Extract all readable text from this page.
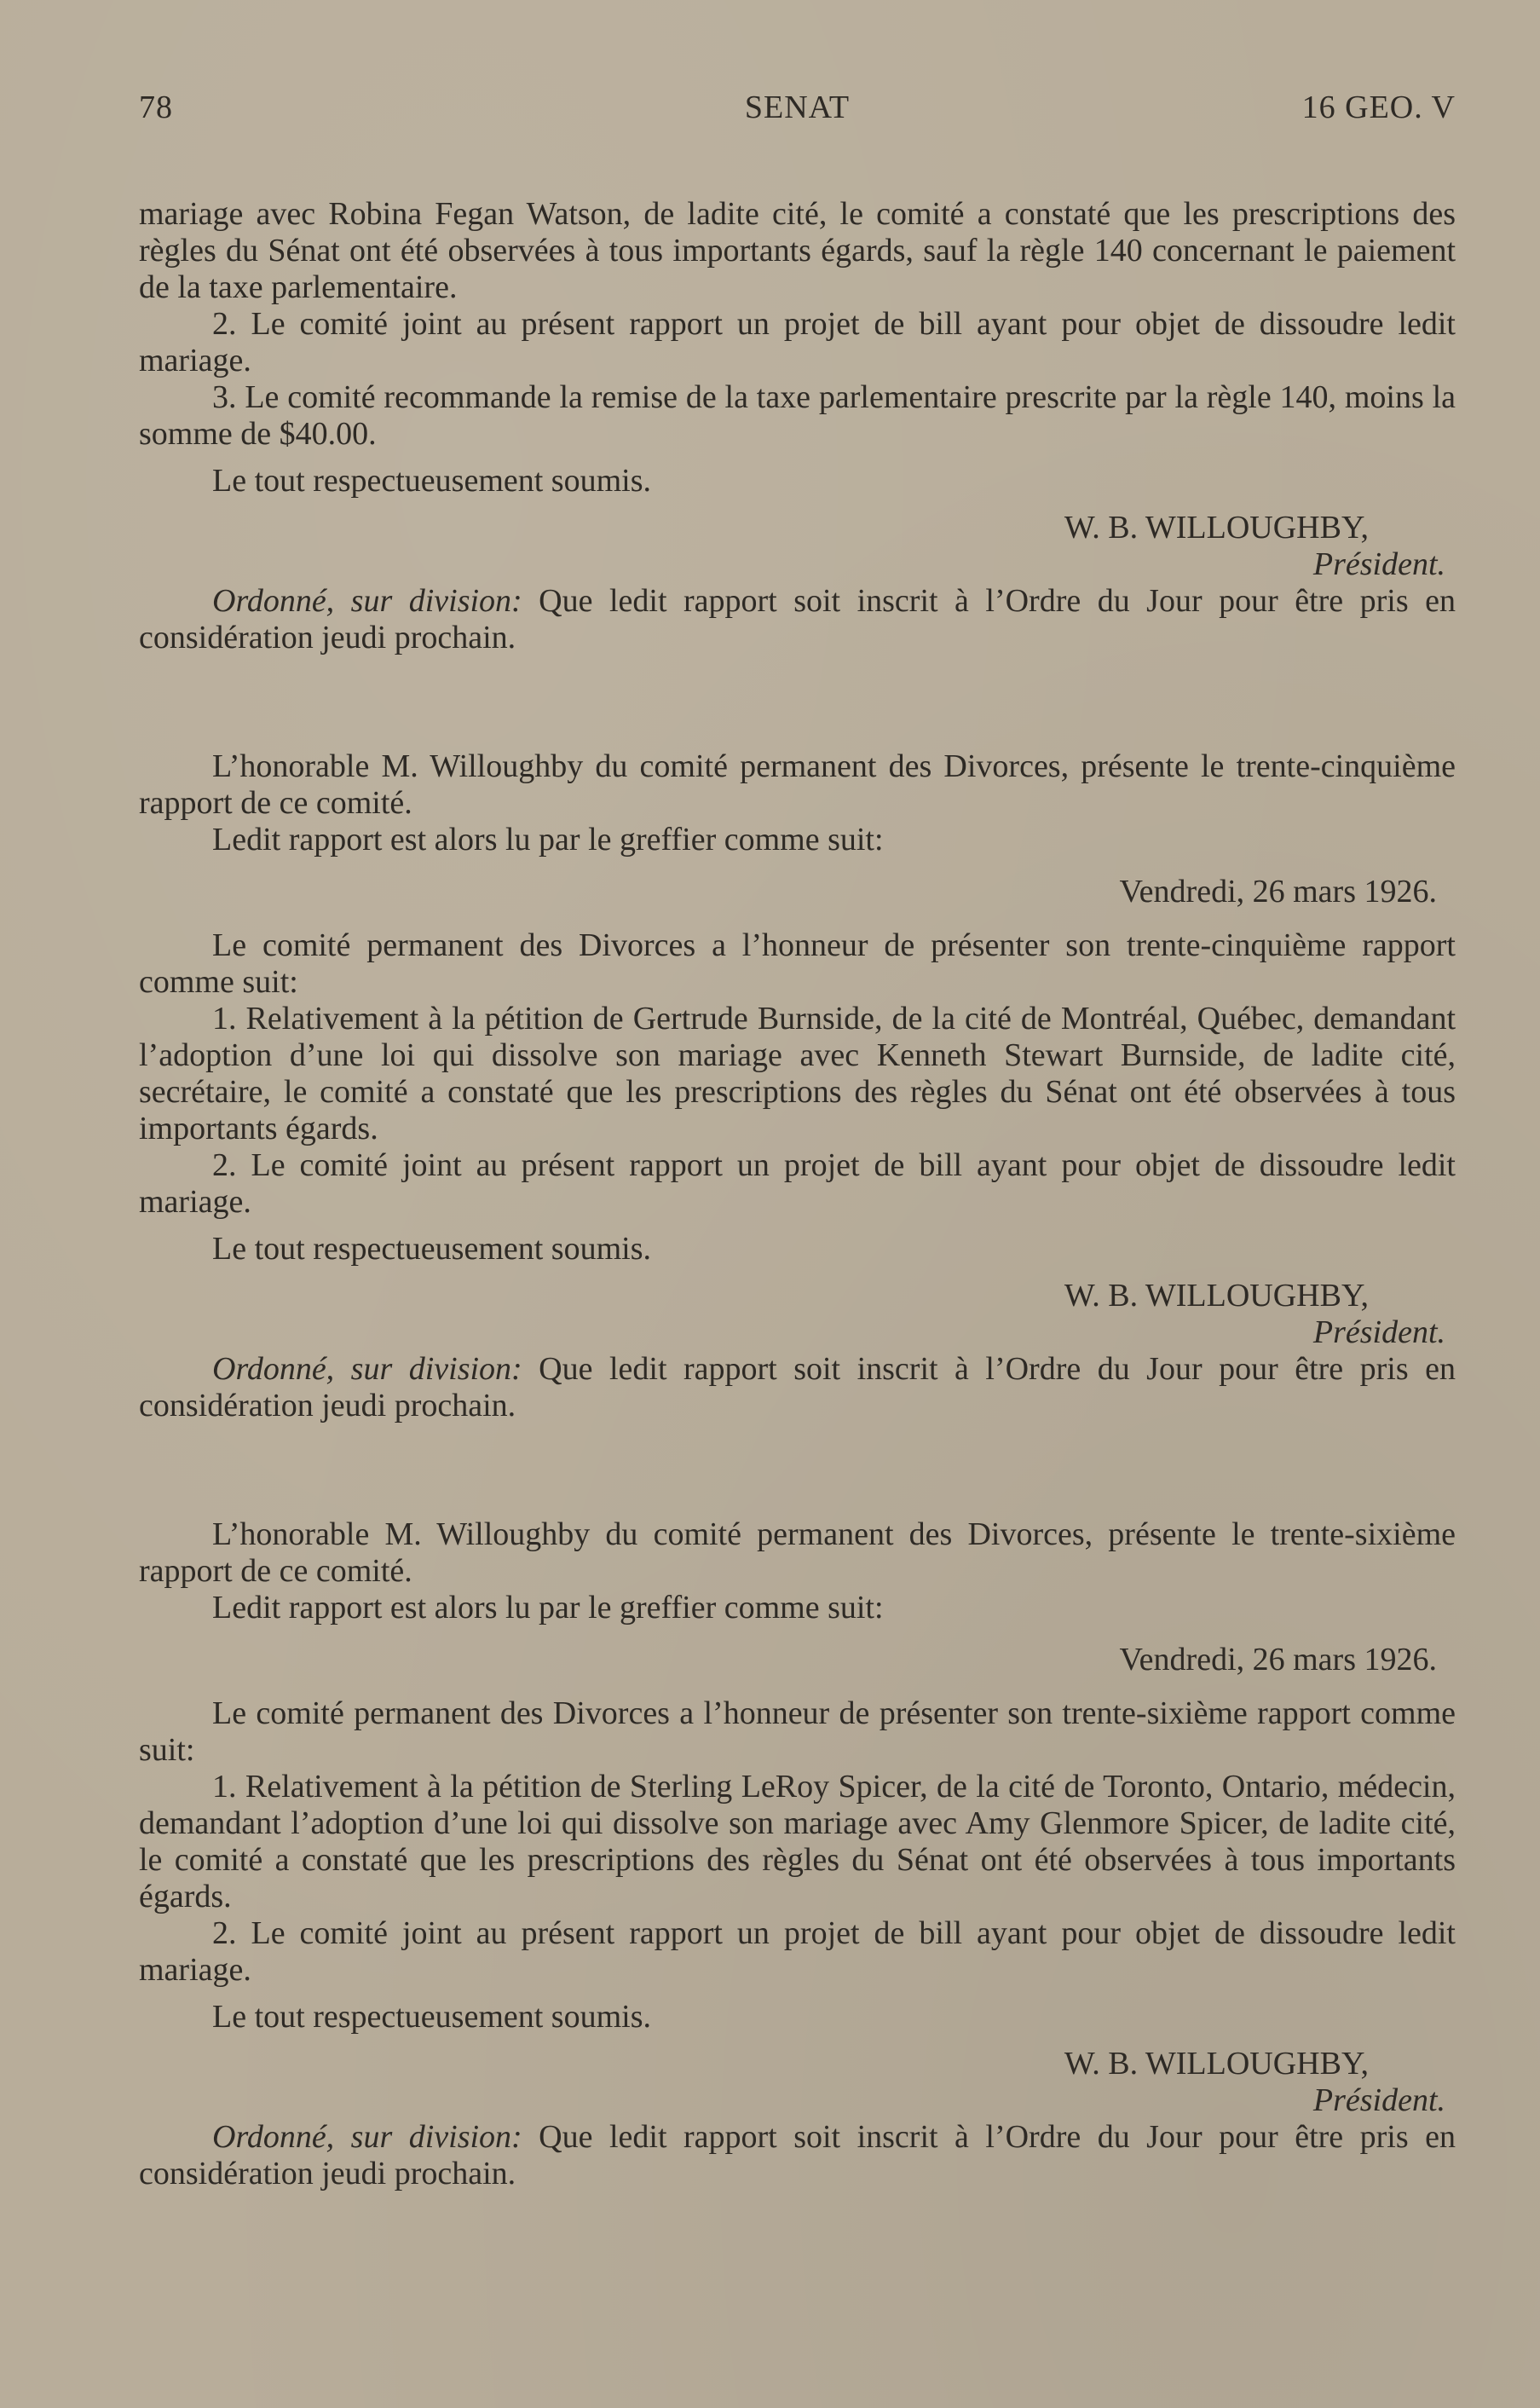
78	SENAT	16 GEO. V

mariage avec Robina Fegan Watson, de ladite cité, le comité a constaté que les prescriptions des règles du Sénat ont été observées à tous importants égards, sauf la règle 140 concernant le paiement de la taxe parlementaire.

2. Le comité joint au présent rapport un projet de bill ayant pour objet de dissoudre ledit mariage.

3. Le comité recommande la remise de la taxe parlementaire prescrite par la règle 140, moins la somme de $40.00.

Le tout respectueusement soumis.

W. B. WILLOUGHBY,

Président.

Ordonné, sur division: Que ledit rapport soit inscrit à l’Ordre du Jour pour être pris en considération jeudi prochain.

L’honorable M. Willoughby du comité permanent des Divorces, présente le trente-cinquième rapport de ce comité.

Ledit rapport est alors lu par le greffier comme suit:

Vendredi, 26 mars 1926.

Le comité permanent des Divorces a l’honneur de présenter son trente-cinquième rapport comme suit:

1. Relativement à la pétition de Gertrude Burnside, de la cité de Montréal, Québec, demandant l’adoption d’une loi qui dissolve son mariage avec Kenneth Stewart Burnside, de ladite cité, secrétaire, le comité a constaté que les prescriptions des règles du Sénat ont été observées à tous importants égards.

2. Le comité joint au présent rapport un projet de bill ayant pour objet de dissoudre ledit mariage.

Le tout respectueusement soumis.

W. B. WILLOUGHBY,

Président.

Ordonné, sur division: Que ledit rapport soit inscrit à l’Ordre du Jour pour être pris en considération jeudi prochain.

L’honorable M. Willoughby du comité permanent des Divorces, présente le trente-sixième rapport de ce comité.

Ledit rapport est alors lu par le greffier comme suit:

Vendredi, 26 mars 1926.

Le comité permanent des Divorces a l’honneur de présenter son trente-sixième rapport comme suit:

1. Relativement à la pétition de Sterling LeRoy Spicer, de la cité de Toronto, Ontario, médecin, demandant l’adoption d’une loi qui dissolve son mariage avec Amy Glenmore Spicer, de ladite cité, le comité a constaté que les prescriptions des règles du Sénat ont été observées à tous importants égards.

2. Le comité joint au présent rapport un projet de bill ayant pour objet de dissoudre ledit mariage.

Le tout respectueusement soumis.

W. B. WILLOUGHBY,

Président.

Ordonné, sur division: Que ledit rapport soit inscrit à l’Ordre du Jour pour être pris en considération jeudi prochain.
